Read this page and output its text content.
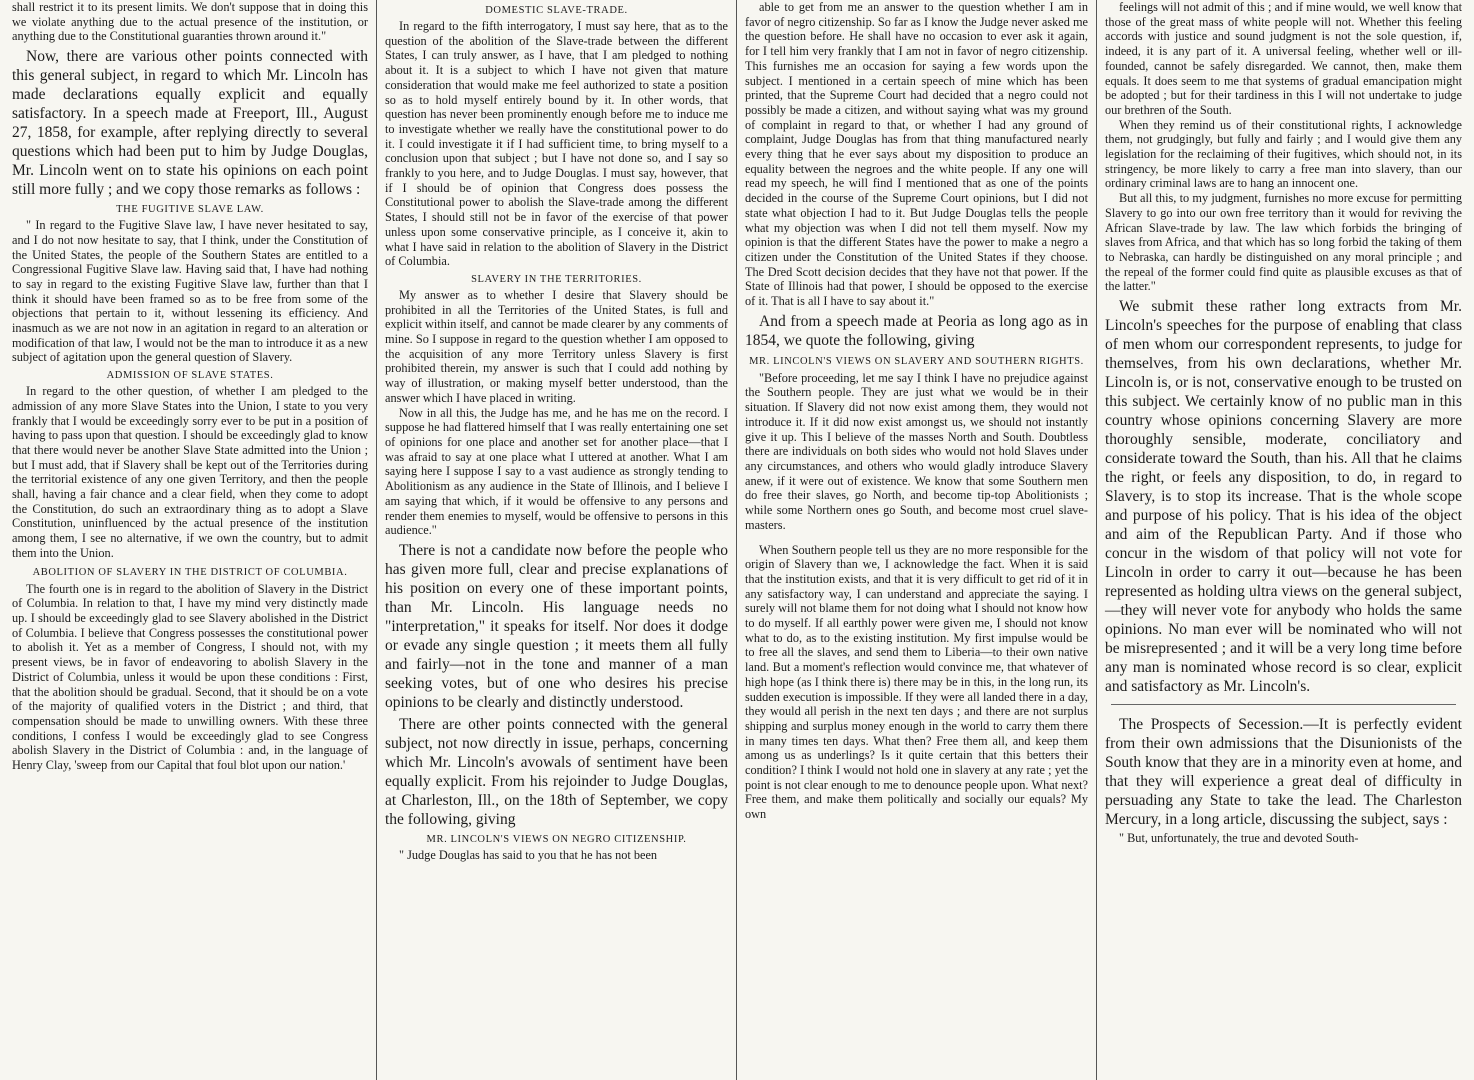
shall restrict it to its present limits. We don't suppose that in doing this we violate anything due to the actual presence of the institution, or anything due to the Constitutional guaranties thrown around it."

Now, there are various other points connected with this general subject, in regard to which Mr. Lincoln has made declarations equally explicit and equally satisfactory. In a speech made at Freeport, Ill., August 27, 1858, for example, after replying directly to several questions which had been put to him by Judge Douglas, Mr. Lincoln went on to state his opinions on each point still more fully ; and we copy those remarks as follows :

THE FUGITIVE SLAVE LAW.

" In regard to the Fugitive Slave law, I have never hesitated to say, and I do not now hesitate to say, that I think, under the Constitution of the United States, the people of the Southern States are entitled to a Congressional Fugitive Slave law. Having said that, I have had nothing to say in regard to the existing Fugitive Slave law, further than that I think it should have been framed so as to be free from some of the objections that pertain to it, without lessening its efficiency. And inasmuch as we are not now in an agitation in regard to an alteration or modification of that law, I would not be the man to introduce it as a new subject of agitation upon the general question of Slavery.

ADMISSION OF SLAVE STATES.

In regard to the other question, of whether I am pledged to the admission of any more Slave States into the Union, I state to you very frankly that I would be exceedingly sorry ever to be put in a position of having to pass upon that question. I should be exceedingly glad to know that there would never be another Slave State admitted into the Union ; but I must add, that if Slavery shall be kept out of the Territories during the territorial existence of any one given Territory, and then the people shall, having a fair chance and a clear field, when they come to adopt the Constitution, do such an extraordinary thing as to adopt a Slave Constitution, uninfluenced by the actual presence of the institution among them, I see no alternative, if we own the country, but to admit them into the Union.

ABOLITION OF SLAVERY IN THE DISTRICT OF COLUMBIA.

The fourth one is in regard to the abolition of Slavery in the District of Columbia. In relation to that, I have my mind very distinctly made up. I should be exceedingly glad to see Slavery abolished in the District of Columbia. I believe that Congress possesses the constitutional power to abolish it. Yet as a member of Congress, I should not, with my present views, be in favor of endeavoring to abolish Slavery in the District of Columbia, unless it would be upon these conditions : First, that the abolition should be gradual. Second, that it should be on a vote of the majority of qualified voters in the District ; and third, that compensation should be made to unwilling owners. With these three conditions, I confess I would be exceedingly glad to see Congress abolish Slavery in the District of Columbia : and, in the language of Henry Clay, 'sweep from our Capital that foul blot upon our nation.'

DOMESTIC SLAVE-TRADE.

In regard to the fifth interrogatory, I must say here, that as to the question of the abolition of the Slave-trade between the different States, I can truly answer, as I have, that I am pledged to nothing about it. It is a subject to which I have not given that mature consideration that would make me feel authorized to state a position so as to hold myself entirely bound by it. In other words, that question has never been prominently enough before me to induce me to investigate whether we really have the constitutional power to do it. I could investigate it if I had sufficient time, to bring myself to a conclusion upon that subject ; but I have not done so, and I say so frankly to you here, and to Judge Douglas. I must say, however, that if I should be of opinion that Congress does possess the Constitutional power to abolish the Slave-trade among the different States, I should still not be in favor of the exercise of that power unless upon some conservative principle, as I conceive it, akin to what I have said in relation to the abolition of Slavery in the District of Columbia.

SLAVERY IN THE TERRITORIES.

My answer as to whether I desire that Slavery should be prohibited in all the Territories of the United States, is full and explicit within itself, and cannot be made clearer by any comments of mine. So I suppose in regard to the question whether I am opposed to the acquisition of any more Territory unless Slavery is first prohibited therein, my answer is such that I could add nothing by way of illustration, or making myself better understood, than the answer which I have placed in writing.

Now in all this, the Judge has me, and he has me on the record. I suppose he had flattered himself that I was really entertaining one set of opinions for one place and another set for another place—that I was afraid to say at one place what I uttered at another. What I am saying here I suppose I say to a vast audience as strongly tending to Abolitionism as any audience in the State of Illinois, and I believe I am saying that which, if it would be offensive to any persons and render them enemies to myself, would be offensive to persons in this audience."

There is not a candidate now before the people who has given more full, clear and precise explanations of his position on every one of these important points, than Mr. Lincoln. His language needs no "interpretation," it speaks for itself. Nor does it dodge or evade any single question ; it meets them all fully and fairly—not in the tone and manner of a man seeking votes, but of one who desires his precise opinions to be clearly and distinctly understood.

There are other points connected with the general subject, not now directly in issue, perhaps, concerning which Mr. Lincoln's avowals of sentiment have been equally explicit. From his rejoinder to Judge Douglas, at Charleston, Ill., on the 18th of September, we copy the following, giving

MR. LINCOLN'S VIEWS ON NEGRO CITIZENSHIP.

" Judge Douglas has said to you that he has not been

able to get from me an answer to the question whether I am in favor of negro citizenship. So far as I know the Judge never asked me the question before. He shall have no occasion to ever ask it again, for I tell him very frankly that I am not in favor of negro citizenship. This furnishes me an occasion for saying a few words upon the subject. I mentioned in a certain speech of mine which has been printed, that the Supreme Court had decided that a negro could not possibly be made a citizen, and without saying what was my ground of complaint in regard to that, or whether I had any ground of complaint, Judge Douglas has from that thing manufactured nearly every thing that he ever says about my disposition to produce an equality between the negroes and the white people. If any one will read my speech, he will find I mentioned that as one of the points decided in the course of the Supreme Court opinions, but I did not state what objection I had to it. But Judge Douglas tells the people what my objection was when I did not tell them myself. Now my opinion is that the different States have the power to make a negro a citizen under the Constitution of the United States if they choose. The Dred Scott decision decides that they have not that power. If the State of Illinois had that power, I should be opposed to the exercise of it. That is all I have to say about it."

And from a speech made at Peoria as long ago as in 1854, we quote the following, giving

MR. LINCOLN'S VIEWS ON SLAVERY AND SOUTHERN RIGHTS.

"Before proceeding, let me say I think I have no prejudice against the Southern people. They are just what we would be in their situation. If Slavery did not now exist among them, they would not introduce it. If it did now exist amongst us, we should not instantly give it up. This I believe of the masses North and South. Doubtless there are individuals on both sides who would not hold Slaves under any circumstances, and others who would gladly introduce Slavery anew, if it were out of existence. We know that some Southern men do free their slaves, go North, and become tip-top Abolitionists ; while some Northern ones go South, and become most cruel slave-masters.

When Southern people tell us they are no more responsible for the origin of Slavery than we, I acknowledge the fact. When it is said that the institution exists, and that it is very difficult to get rid of it in any satisfactory way, I can understand and appreciate the saying. I surely will not blame them for not doing what I should not know how to do myself. If all earthly power were given me, I should not know what to do, as to the existing institution. My first impulse would be to free all the slaves, and send them to Liberia—to their own native land. But a moment's reflection would convince me, that whatever of high hope (as I think there is) there may be in this, in the long run, its sudden execution is impossible. If they were all landed there in a day, they would all perish in the next ten days ; and there are not surplus shipping and surplus money enough in the world to carry them there in many times ten days. What then? Free them all, and keep them among us as underlings? Is it quite certain that this betters their condition? I think I would not hold one in slavery at any rate ; yet the point is not clear enough to me to denounce people upon. What next? Free them, and make them politically and socially our equals? My own

feelings will not admit of this ; and if mine would, we well know that those of the great mass of white people will not. Whether this feeling accords with justice and sound judgment is not the sole question, if, indeed, it is any part of it. A universal feeling, whether well or ill-founded, cannot be safely disregarded. We cannot, then, make them equals. It does seem to me that systems of gradual emancipation might be adopted ; but for their tardiness in this I will not undertake to judge our brethren of the South.

When they remind us of their constitutional rights, I acknowledge them, not grudgingly, but fully and fairly ; and I would give them any legislation for the reclaiming of their fugitives, which should not, in its stringency, be more likely to carry a free man into slavery, than our ordinary criminal laws are to hang an innocent one.

But all this, to my judgment, furnishes no more excuse for permitting Slavery to go into our own free territory than it would for reviving the African Slave-trade by law. The law which forbids the bringing of slaves from Africa, and that which has so long forbid the taking of them to Nebraska, can hardly be distinguished on any moral principle ; and the repeal of the former could find quite as plausible excuses as that of the latter."

We submit these rather long extracts from Mr. Lincoln's speeches for the purpose of enabling that class of men whom our correspondent represents, to judge for themselves, from his own declarations, whether Mr. Lincoln is, or is not, conservative enough to be trusted on this subject. We certainly know of no public man in this country whose opinions concerning Slavery are more thoroughly sensible, moderate, conciliatory and considerate toward the South, than his. All that he claims the right, or feels any disposition, to do, in regard to Slavery, is to stop its increase. That is the whole scope and purpose of his policy. That is his idea of the object and aim of the Republican Party. And if those who concur in the wisdom of that policy will not vote for Lincoln in order to carry it out—because he has been represented as holding ultra views on the general subject,—they will never vote for anybody who holds the same opinions. No man ever will be nominated who will not be misrepresented ; and it will be a very long time before any man is nominated whose record is so clear, explicit and satisfactory as Mr. Lincoln's.

The Prospects of Secession.—It is perfectly evident from their own admissions that the Disunionists of the South know that they are in a minority even at home, and that they will experience a great deal of difficulty in persuading any State to take the lead. The Charleston Mercury, in a long article, discussing the subject, says :

" But, unfortunately, the true and devoted South-
